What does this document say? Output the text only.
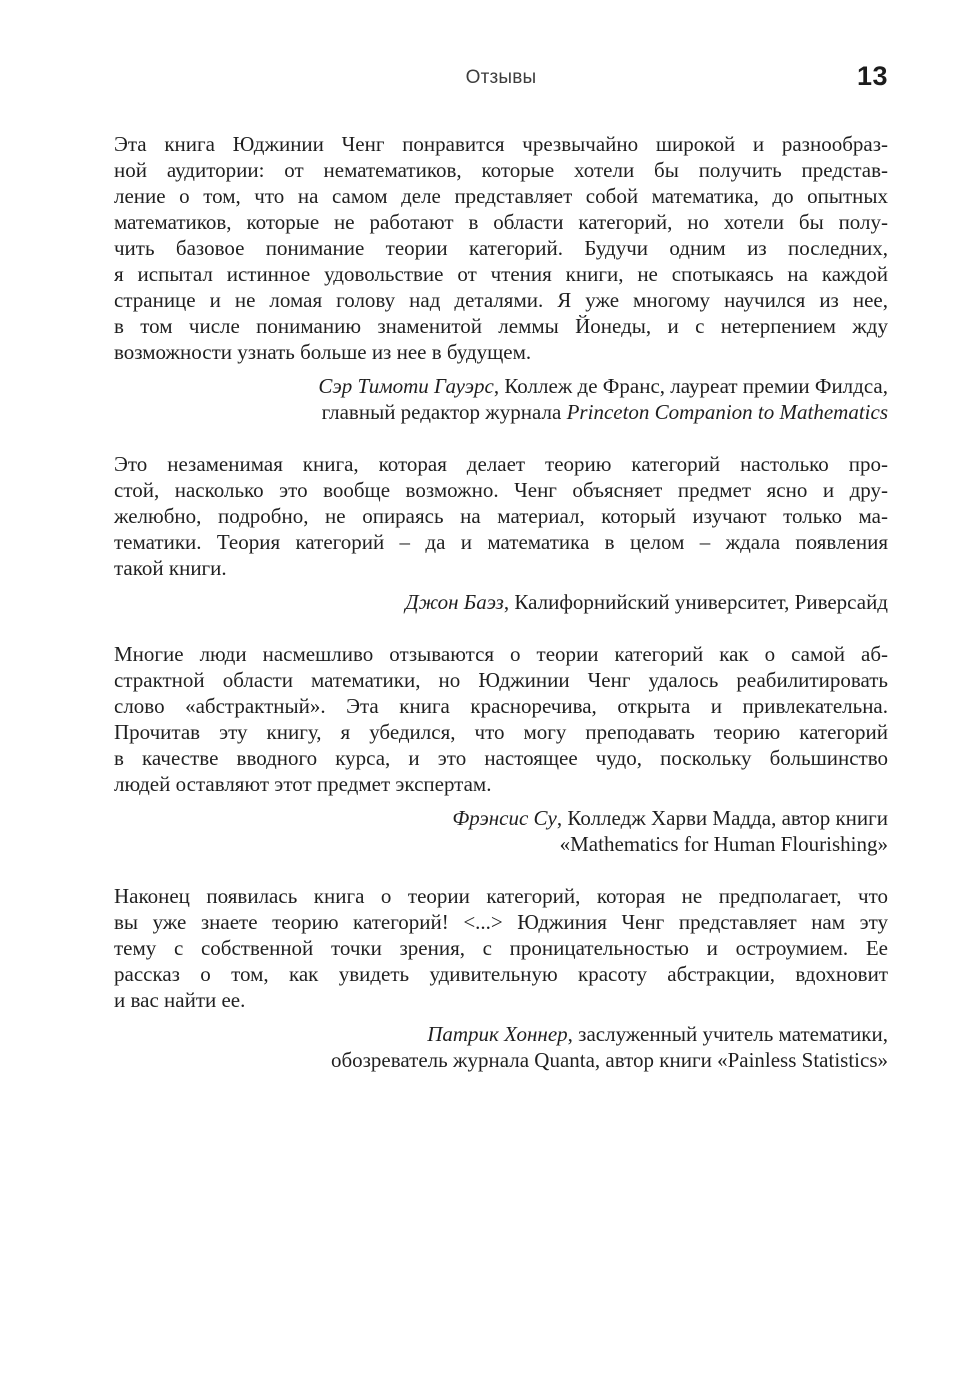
Отзывы	13
Эта книга Юджинии Ченг понравится чрезвычайно широкой и разнообраз-
ной аудитории: от нематематиков, которые хотели бы получить представ-
ление о том, что на самом деле представляет собой математика, до опытных
математиков, которые не работают в области категорий, но хотели бы полу-
чить базовое понимание теории категорий. Будучи одним из последних,
я испытал истинное удовольствие от чтения книги, не спотыкаясь на каждой
странице и не ломая голову над деталями. Я уже многому научился из нее,
в том числе пониманию знаменитой леммы Йонеды, и с нетерпением жду
возможности узнать больше из нее в будущем.
Сэр Тимоти Гауэрс, Коллеж де Франс, лауреат премии Филдса,
главный редактор журнала Princeton Companion to Mathematics
Это незаменимая книга, которая делает теорию категорий настолько про-
стой, насколько это вообще возможно. Ченг объясняет предмет ясно и дру-
желюбно, подробно, не опираясь на материал, который изучают только ма-
тематики. Теория категорий – да и математика в целом – ждала появления
такой книги.
Джон Баэз, Калифорнийский университет, Риверсайд
Многие люди насмешливо отзываются о теории категорий как о самой аб-
страктной области математики, но Юджинии Ченг удалось реабилитировать
слово «абстрактный». Эта книга красноречива, открыта и привлекательна.
Прочитав эту книгу, я убедился, что могу преподавать теорию категорий
в качестве вводного курса, и это настоящее чудо, поскольку большинство
людей оставляют этот предмет экспертам.
Фрэнсис Су, Колледж Харви Мадда, автор книги
«Mathematics for Human Flourishing»
Наконец появилась книга о теории категорий, которая не предполагает, что
вы уже знаете теорию категорий! <...> Юджиния Ченг представляет нам эту
тему с собственной точки зрения, с проницательностью и остроумием. Ее
рассказ о том, как увидеть удивительную красоту абстракции, вдохновит
и вас найти ее.
Патрик Хоннер, заслуженный учитель математики,
обозреватель журнала Quanta, автор книги «Painless Statistics»
